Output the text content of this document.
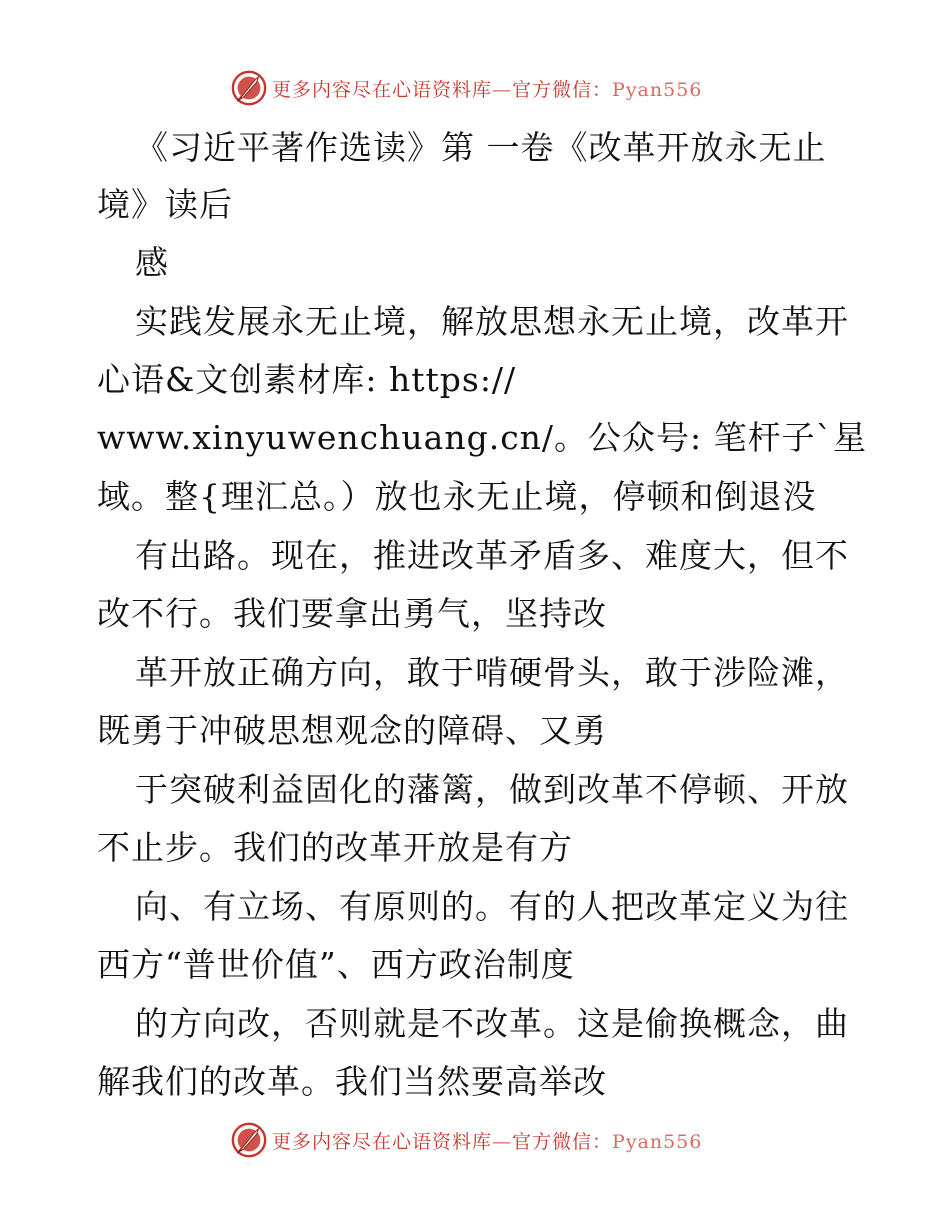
更多内容尽在心语资料库—官方微信：Pyan556
《习近平著作选读》第 一卷《改革开放永无止
境》读后
感
实践发展永无止境，解放思想永无止境，改革开
心语&文创素材库: https://
www.xinyuwenchuang.cn/。公众号: 笔杆子`星
域。整{理汇总。）放也永无止境，停顿和倒退没
有出路。现在，推进改革矛盾多、难度大，但不
改不行。我们要拿出勇气，坚持改
革开放正确方向，敢于啃硬骨头，敢于涉险滩，
既勇于冲破思想观念的障碍、又勇
于突破利益固化的藩篱，做到改革不停顿、开放
不止步。我们的改革开放是有方
向、有立场、有原则的。有的人把改革定义为往
西方“普世价值”、西方政治制度
的方向改，否则就是不改革。这是偷换概念，曲
解我们的改革。我们当然要高举改
更多内容尽在心语资料库—官方微信：Pyan556
